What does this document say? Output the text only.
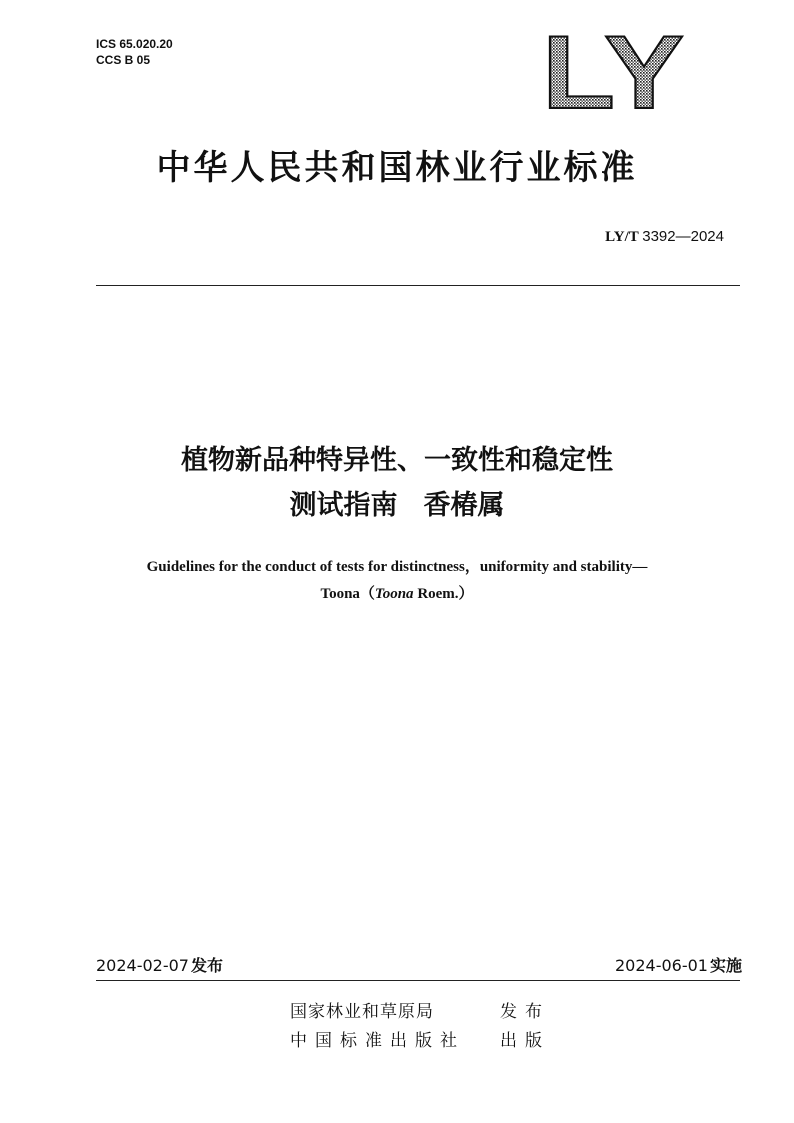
ICS 65.020.20
CCS B 05	LY
中华人民共和国林业行业标准
LY/T 3392—2024
植物新品种特异性、一致性和稳定性
测试指南 香椿属
Guidelines for the conduct of tests for distinctness，uniformity and stability—
Toona（Toona Roem.）
2024-02-07 发布	2024-06-01 实施
国家林业和草原局	发布
中国标准出版社 出版
